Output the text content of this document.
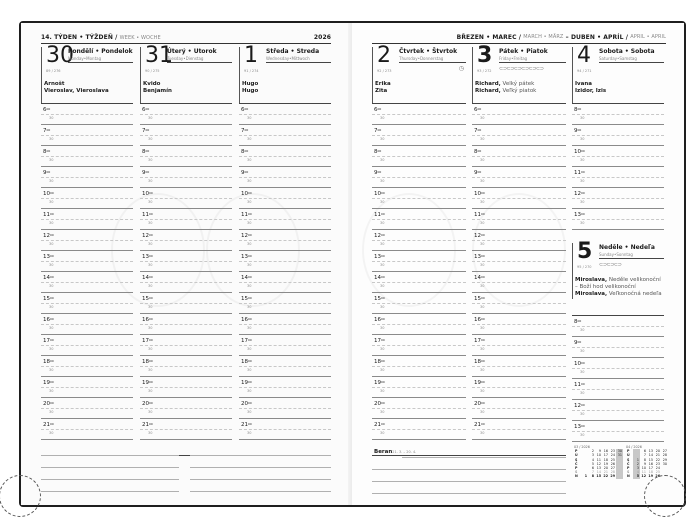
14. TÝDEN • TÝŽDEŇ / WEEK • WOCHE	2026
30
89 / 276
Pondělí • Pondelok
Monday•Montag
Arnošt
Vieroslav, Vieroslava
$6^{00}$
30
$7^{00}$
30
$8^{00}$
30
$9^{00}$
30
$10^{00}$
30
$11^{00}$
30
$12^{00}$
30
$13^{00}$
30
$14^{00}$
30
$15^{00}$
30
$16^{00}$
30
$17^{00}$
30
$18^{00}$
30
$19^{00}$
30
$20^{00}$
30
$21^{00}$
30
31
90 / 275
Úterý • Utorok
Tuesday•Dienstag
Kvido
Benjamín
$6^{00}$
30
$7^{00}$
30
$8^{00}$
30
$9^{00}$
30
$10^{00}$
30
$11^{00}$
30
$12^{00}$
30
$13^{00}$
30
$14^{00}$
30
$15^{00}$
30
$16^{00}$
30
$17^{00}$
30
$18^{00}$
30
$19^{00}$
30
$20^{00}$
30
$21^{00}$
30
1
91 / 274
Středa • Streda
Wednesday•Mittwoch
Hugo
Hugo
$6^{00}$
30
$7^{00}$
30
$8^{00}$
30
$9^{00}$
30
$10^{00}$
30
$11^{00}$
30
$12^{00}$
30
$13^{00}$
30
$14^{00}$
30
$15^{00}$
30
$16^{00}$
30
$17^{00}$
30
$18^{00}$
30
$19^{00}$
30
$20^{00}$
30
$21^{00}$
30
BŘEZEN • MAREC /
MARCH • MÄRZ
– DUBEN • APRÍL /
APRIL • APRIL
2
92 / 273
Čtvrtek • Štvrtok
Thursday•Donnerstag
◷
Erika
Zita
$6^{00}$
30
$7^{00}$
30
$8^{00}$
30
$9^{00}$
30
$10^{00}$
30
$11^{00}$
30
$12^{00}$
30
$13^{00}$
30
$14^{00}$
30
$15^{00}$
30
$16^{00}$
30
$17^{00}$
30
$18^{00}$
30
$19^{00}$
30
$20^{00}$
30
$21^{00}$
30
3
93 / 272
Pátek • Piatok
Friday•Freitag
⊂⊃⊂⊃⊂⊃⊂⊃⊂⊃⊂⊃
Richard, Velký pátek
Richard, Veľký piatok
$6^{00}$
30
$7^{00}$
30
$8^{00}$
30
$9^{00}$
30
$10^{00}$
30
$11^{00}$
30
$12^{00}$
30
$13^{00}$
30
$14^{00}$
30
$15^{00}$
30
$16^{00}$
30
$17^{00}$
30
$18^{00}$
30
$19^{00}$
30
$20^{00}$
30
$21^{00}$
30
4
94 / 271
Sobota • Sobota
Saturday•Samstag
Ivana
Izidor, Izis
$8^{00}$
30
$9^{00}$
30
$10^{00}$
30
$11^{00}$
30
$12^{00}$
30
$13^{00}$
30
5
95 / 270
Neděle • Nedeľa
Sunday•Sonntag
⊂⊃⊂⊃⊂⊃
Miroslava, Neděle velikonoční
– Boží hod velikonoční
Miroslava, Veľkonočná nedeľa
$8^{00}$
30
$9^{00}$
30
$10^{00}$
30
$11^{00}$
30
$12^{00}$
30
$13^{00}$
30
Beran21. 3. – 20. 4.
03 / 2026
P		2	9	16	23	30
Ú		3	10	17	24	31
S		4	11	18	25	
Č		5	12	19	26	
P		6	13	20	27	
S		7	14	21	28	
N	1	8	15	22	29	
04 / 2026
P		6	13	20	27
Ú		7	14	21	28
S	1	8	15	22	29
Č	2	9	16	23	30
P	3	10	17	24	
S	4	11	18	25	
N	5	12	19	26	
